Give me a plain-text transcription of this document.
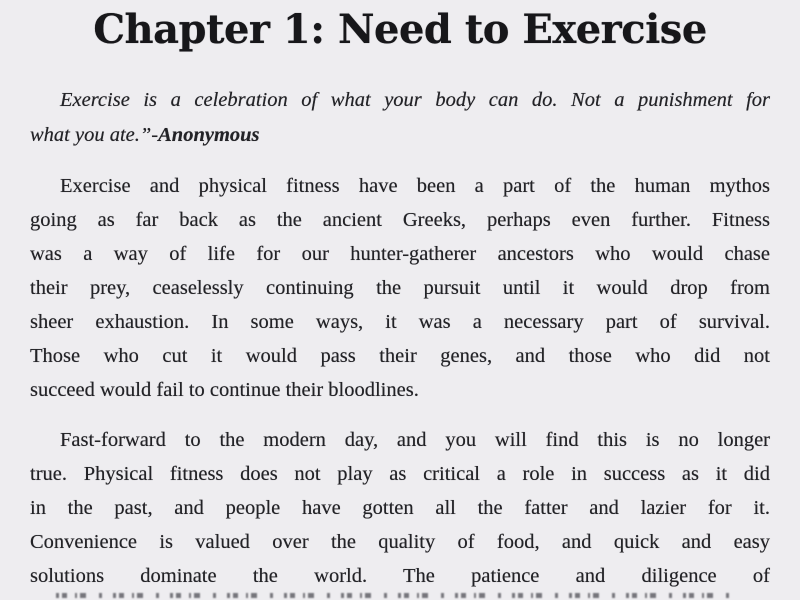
Chapter 1: Need to Exercise
Exercise is a celebration of what your body can do. Not a punishment for
what you ate.”-Anonymous
Exercise and physical fitness have been a part of the human mythos
going as far back as the ancient Greeks, perhaps even further. Fitness
was a way of life for our hunter-gatherer ancestors who would chase
their prey, ceaselessly continuing the pursuit until it would drop from
sheer exhaustion. In some ways, it was a necessary part of survival.
Those who cut it would pass their genes, and those who did not
succeed would fail to continue their bloodlines.
Fast-forward to the modern day, and you will find this is no longer
true. Physical fitness does not play as critical a role in success as it did
in the past, and people have gotten all the fatter and lazier for it.
Convenience is valued over the quality of food, and quick and easy
solutions dominate the world. The patience and diligence of
